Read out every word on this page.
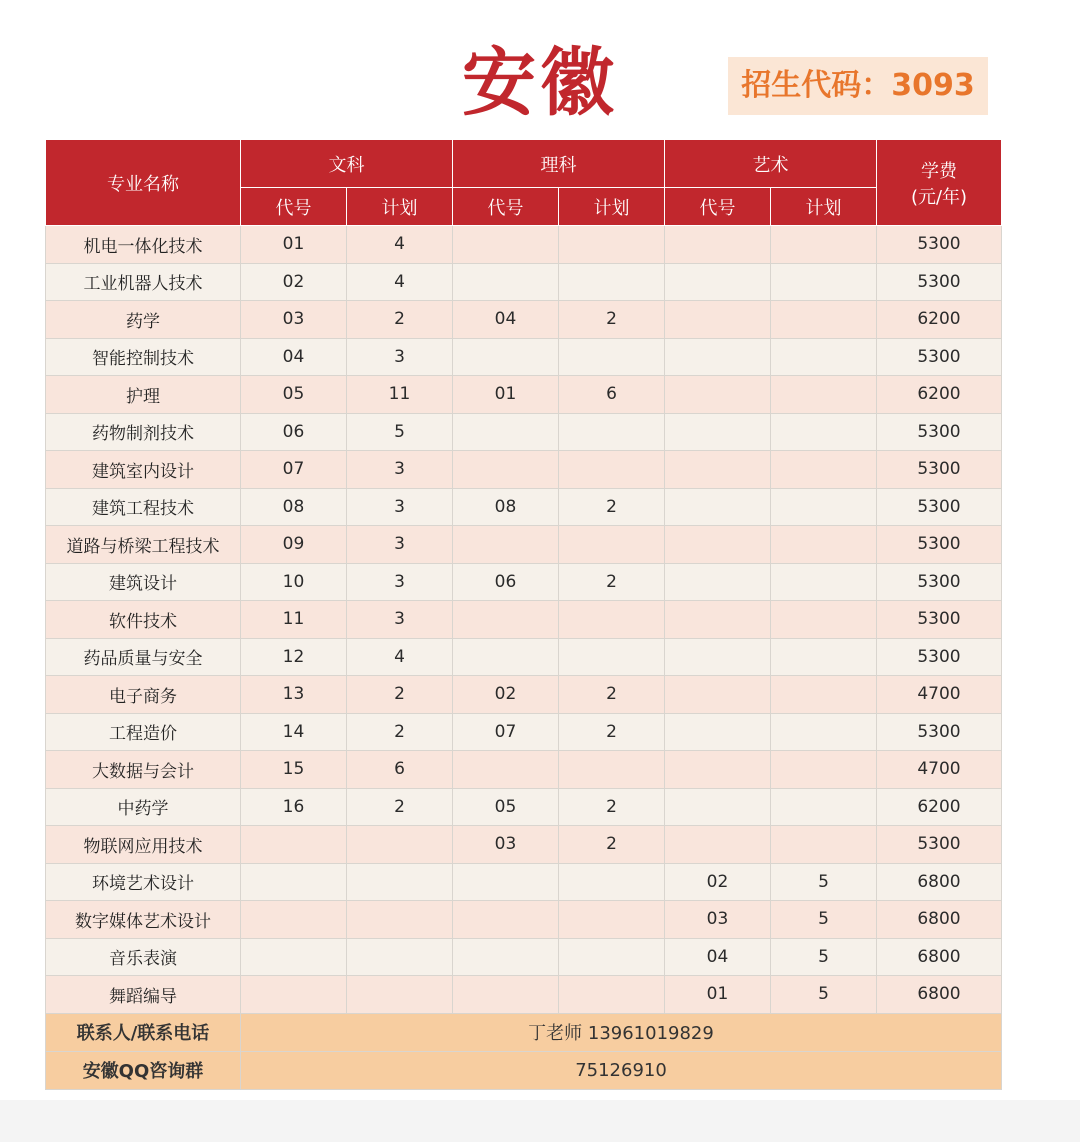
安徽	招生代码：3093
专业名称	文科		理科		艺术		学费
(元/年)

	代号	计划	代号	计划	代号	计划	
机电一体化技术	01	4					5300
工业机器人技术	02	4					5300
药学	03	2	04	2			6200
智能控制技术	04	3					5300
护理	05	11	01	6			6200
药物制剂技术	06	5					5300
建筑室内设计	07	3					5300
建筑工程技术	08	3	08	2			5300
道路与桥梁工程技术	09	3					5300
建筑设计	10	3	06	2			5300
软件技术	11	3					5300
药品质量与安全	12	4					5300
电子商务	13	2	02	2			4700
工程造价	14	2	07	2			5300
大数据与会计	15	6					4700
中药学	16	2	05	2			6200
物联网应用技术			03	2			5300
环境艺术设计					02	5	6800
数字媒体艺术设计					03	5	6800
音乐表演					04	5	6800
舞蹈编导					01	5	6800
联系人/联系电话	丁老师 13961019829						
安徽QQ咨询群	75126910						
